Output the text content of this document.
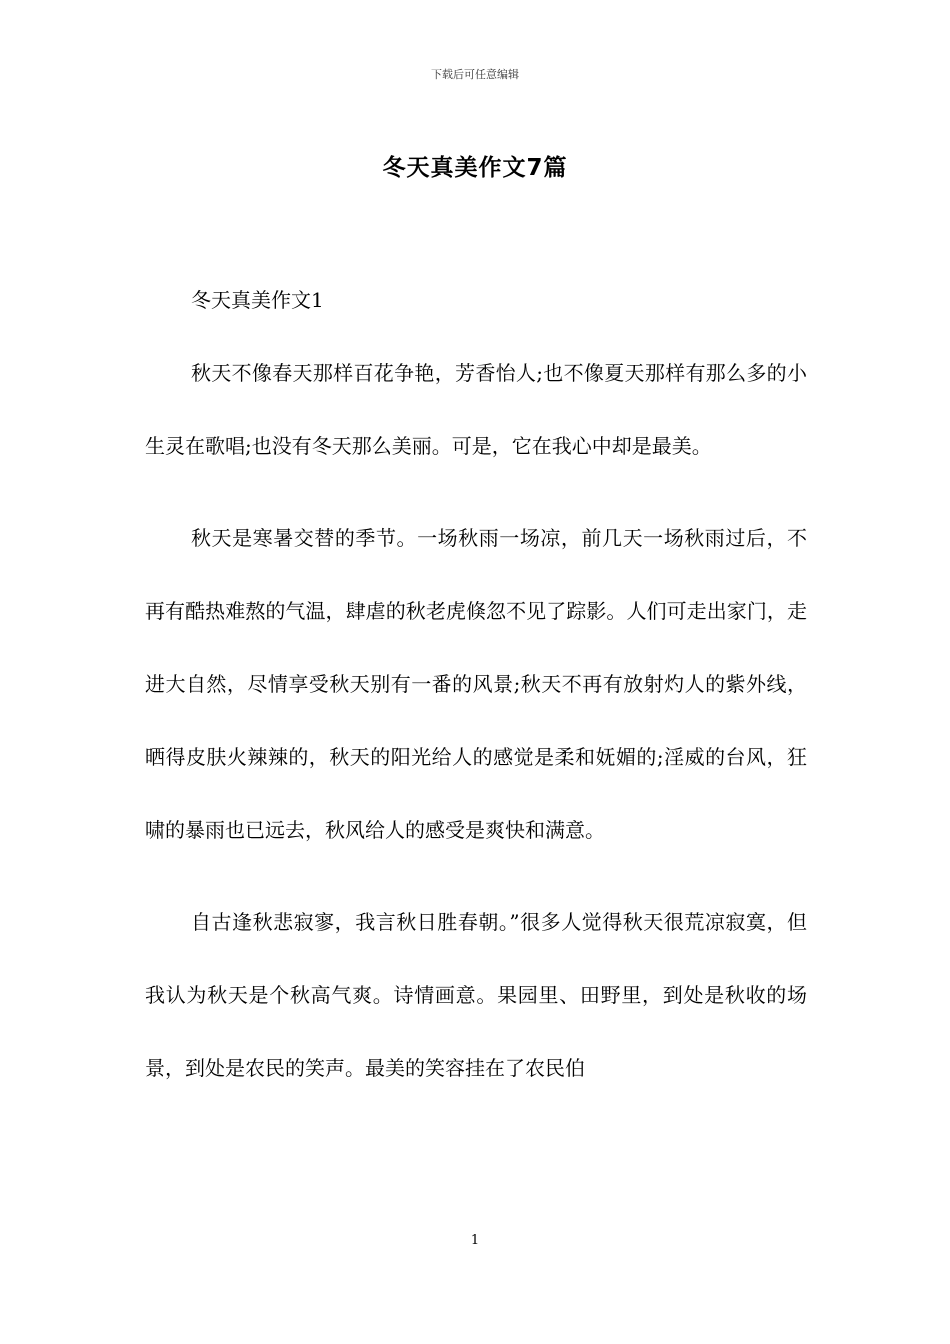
下载后可任意编辑
冬天真美作文7篇

冬天真美作文1

秋天不像春天那样百花争艳，芳香怡人;也不像夏天那样有那么多的小生灵在歌唱;也没有冬天那么美丽。可是，它在我心中却是最美。

秋天是寒暑交替的季节。一场秋雨一场凉，前几天一场秋雨过后，不再有酷热难熬的气温，肆虐的秋老虎倏忽不见了踪影。人们可走出家门，走进大自然，尽情享受秋天别有一番的风景;秋天不再有放射灼人的紫外线，晒得皮肤火辣辣的，秋天的阳光给人的感觉是柔和妩媚的;淫威的台风，狂啸的暴雨也已远去，秋风给人的感受是爽快和满意。

自古逢秋悲寂寥，我言秋日胜春朝。”很多人觉得秋天很荒凉寂寞，但我认为秋天是个秋高气爽。诗情画意。果园里、田野里，到处是秋收的场景，到处是农民的笑声。最美的笑容挂在了农民伯

1
